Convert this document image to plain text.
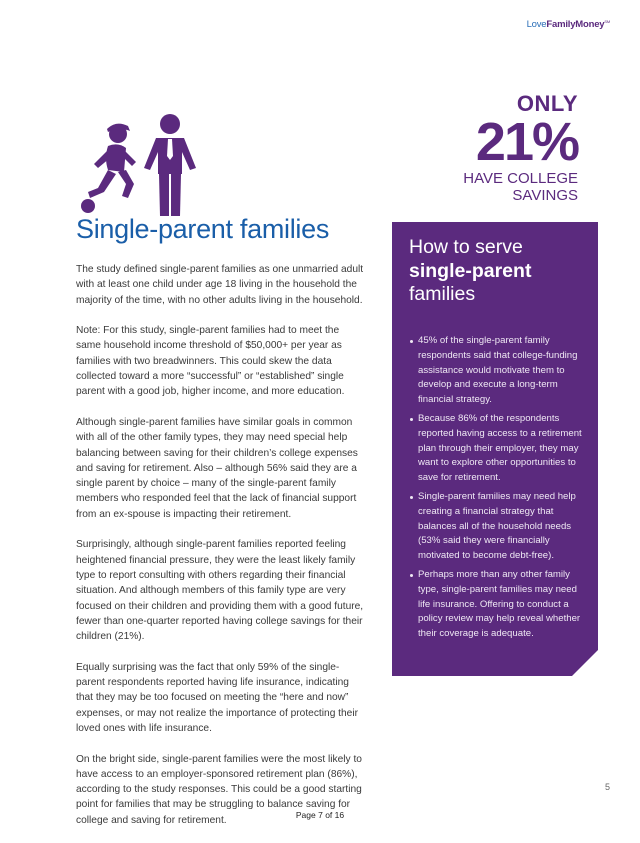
LoveFamilyMoney℠
ONLY
21%
HAVE COLLEGE
SAVINGS
Single-parent families

The study defined single-parent families as one unmarried adult with at least one child under age 18 living in the household the majority of the time, with no other adults living in the household.

Note: For this study, single-parent families had to meet the same household income threshold of $50,000+ per year as families with two breadwinners. This could skew the data collected toward a more “successful” or “established” single parent with a good job, higher income, and more education.

Although single-parent families have similar goals in common with all of the other family types, they may need special help balancing between saving for their children’s college expenses and saving for retirement. Also – although 56% said they are a single parent by choice – many of the single-parent family members who responded feel that the lack of financial support from an ex-spouse is impacting their retirement.

Surprisingly, although single-parent families reported feeling heightened financial pressure, they were the least likely family type to report consulting with others regarding their financial situation. And although members of this family type are very focused on their children and providing them with a good future, fewer than one-quarter reported having college savings for their children (21%).

Equally surprising was the fact that only 59% of the single-parent respondents reported having life insurance, indicating that they may be too focused on meeting the “here and now” expenses, or may not realize the importance of protecting their loved ones with life insurance.

On the bright side, single-parent families were the most likely to have access to an employer-sponsored retirement plan (86%), according to the study responses. This could be a good starting point for families that may be struggling to balance saving for college and saving for retirement.

How to serve
single-parent
families
45% of the single-parent family respondents said that college-funding assistance would motivate them to develop and execute a long-term financial strategy.
Because 86% of the respondents reported having access to a retirement plan through their employer, they may want to explore other opportunities to save for retirement.
Single-parent families may need help creating a financial strategy that balances all of the household needs (53% said they were financially motivated to become debt-free).
Perhaps more than any other family type, single-parent families may need life insurance. Offering to conduct a policy review may help reveal whether their coverage is adequate.
5
Page 7 of 16
